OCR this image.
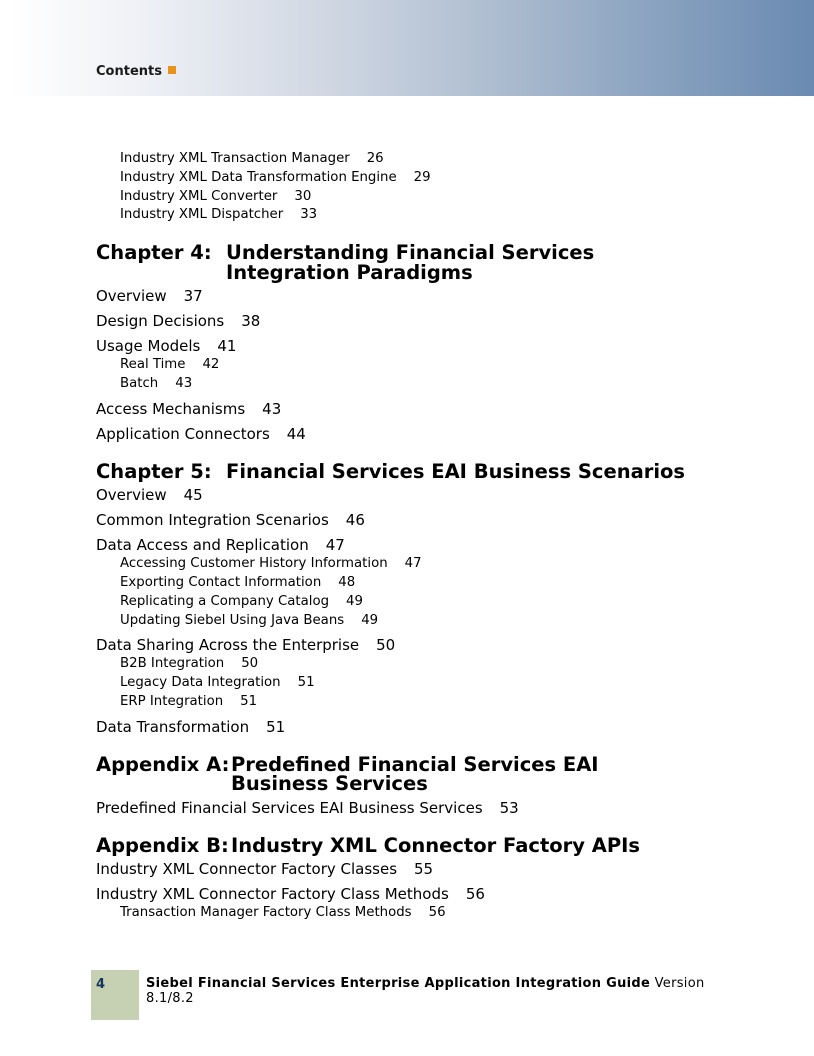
Contents
Industry XML Transaction Manager 26
Industry XML Data Transformation Engine 29
Industry XML Converter 30
Industry XML Dispatcher 33
Chapter 4: Understanding Financial Services Integration Paradigms
Overview 37
Design Decisions 38
Usage Models 41
Real Time 42
Batch 43
Access Mechanisms 43
Application Connectors 44
Chapter 5: Financial Services EAI Business Scenarios
Overview 45
Common Integration Scenarios 46
Data Access and Replication 47
Accessing Customer History Information 47
Exporting Contact Information 48
Replicating a Company Catalog 49
Updating Siebel Using Java Beans 49
Data Sharing Across the Enterprise 50
B2B Integration 50
Legacy Data Integration 51
ERP Integration 51
Data Transformation 51
Appendix A: Predefined Financial Services EAI Business Services
Predefined Financial Services EAI Business Services 53
Appendix B: Industry XML Connector Factory APIs
Industry XML Connector Factory Classes 55
Industry XML Connector Factory Class Methods 56
Transaction Manager Factory Class Methods 56
4	Siebel Financial Services Enterprise Application Integration Guide Version 8.1/8.2
